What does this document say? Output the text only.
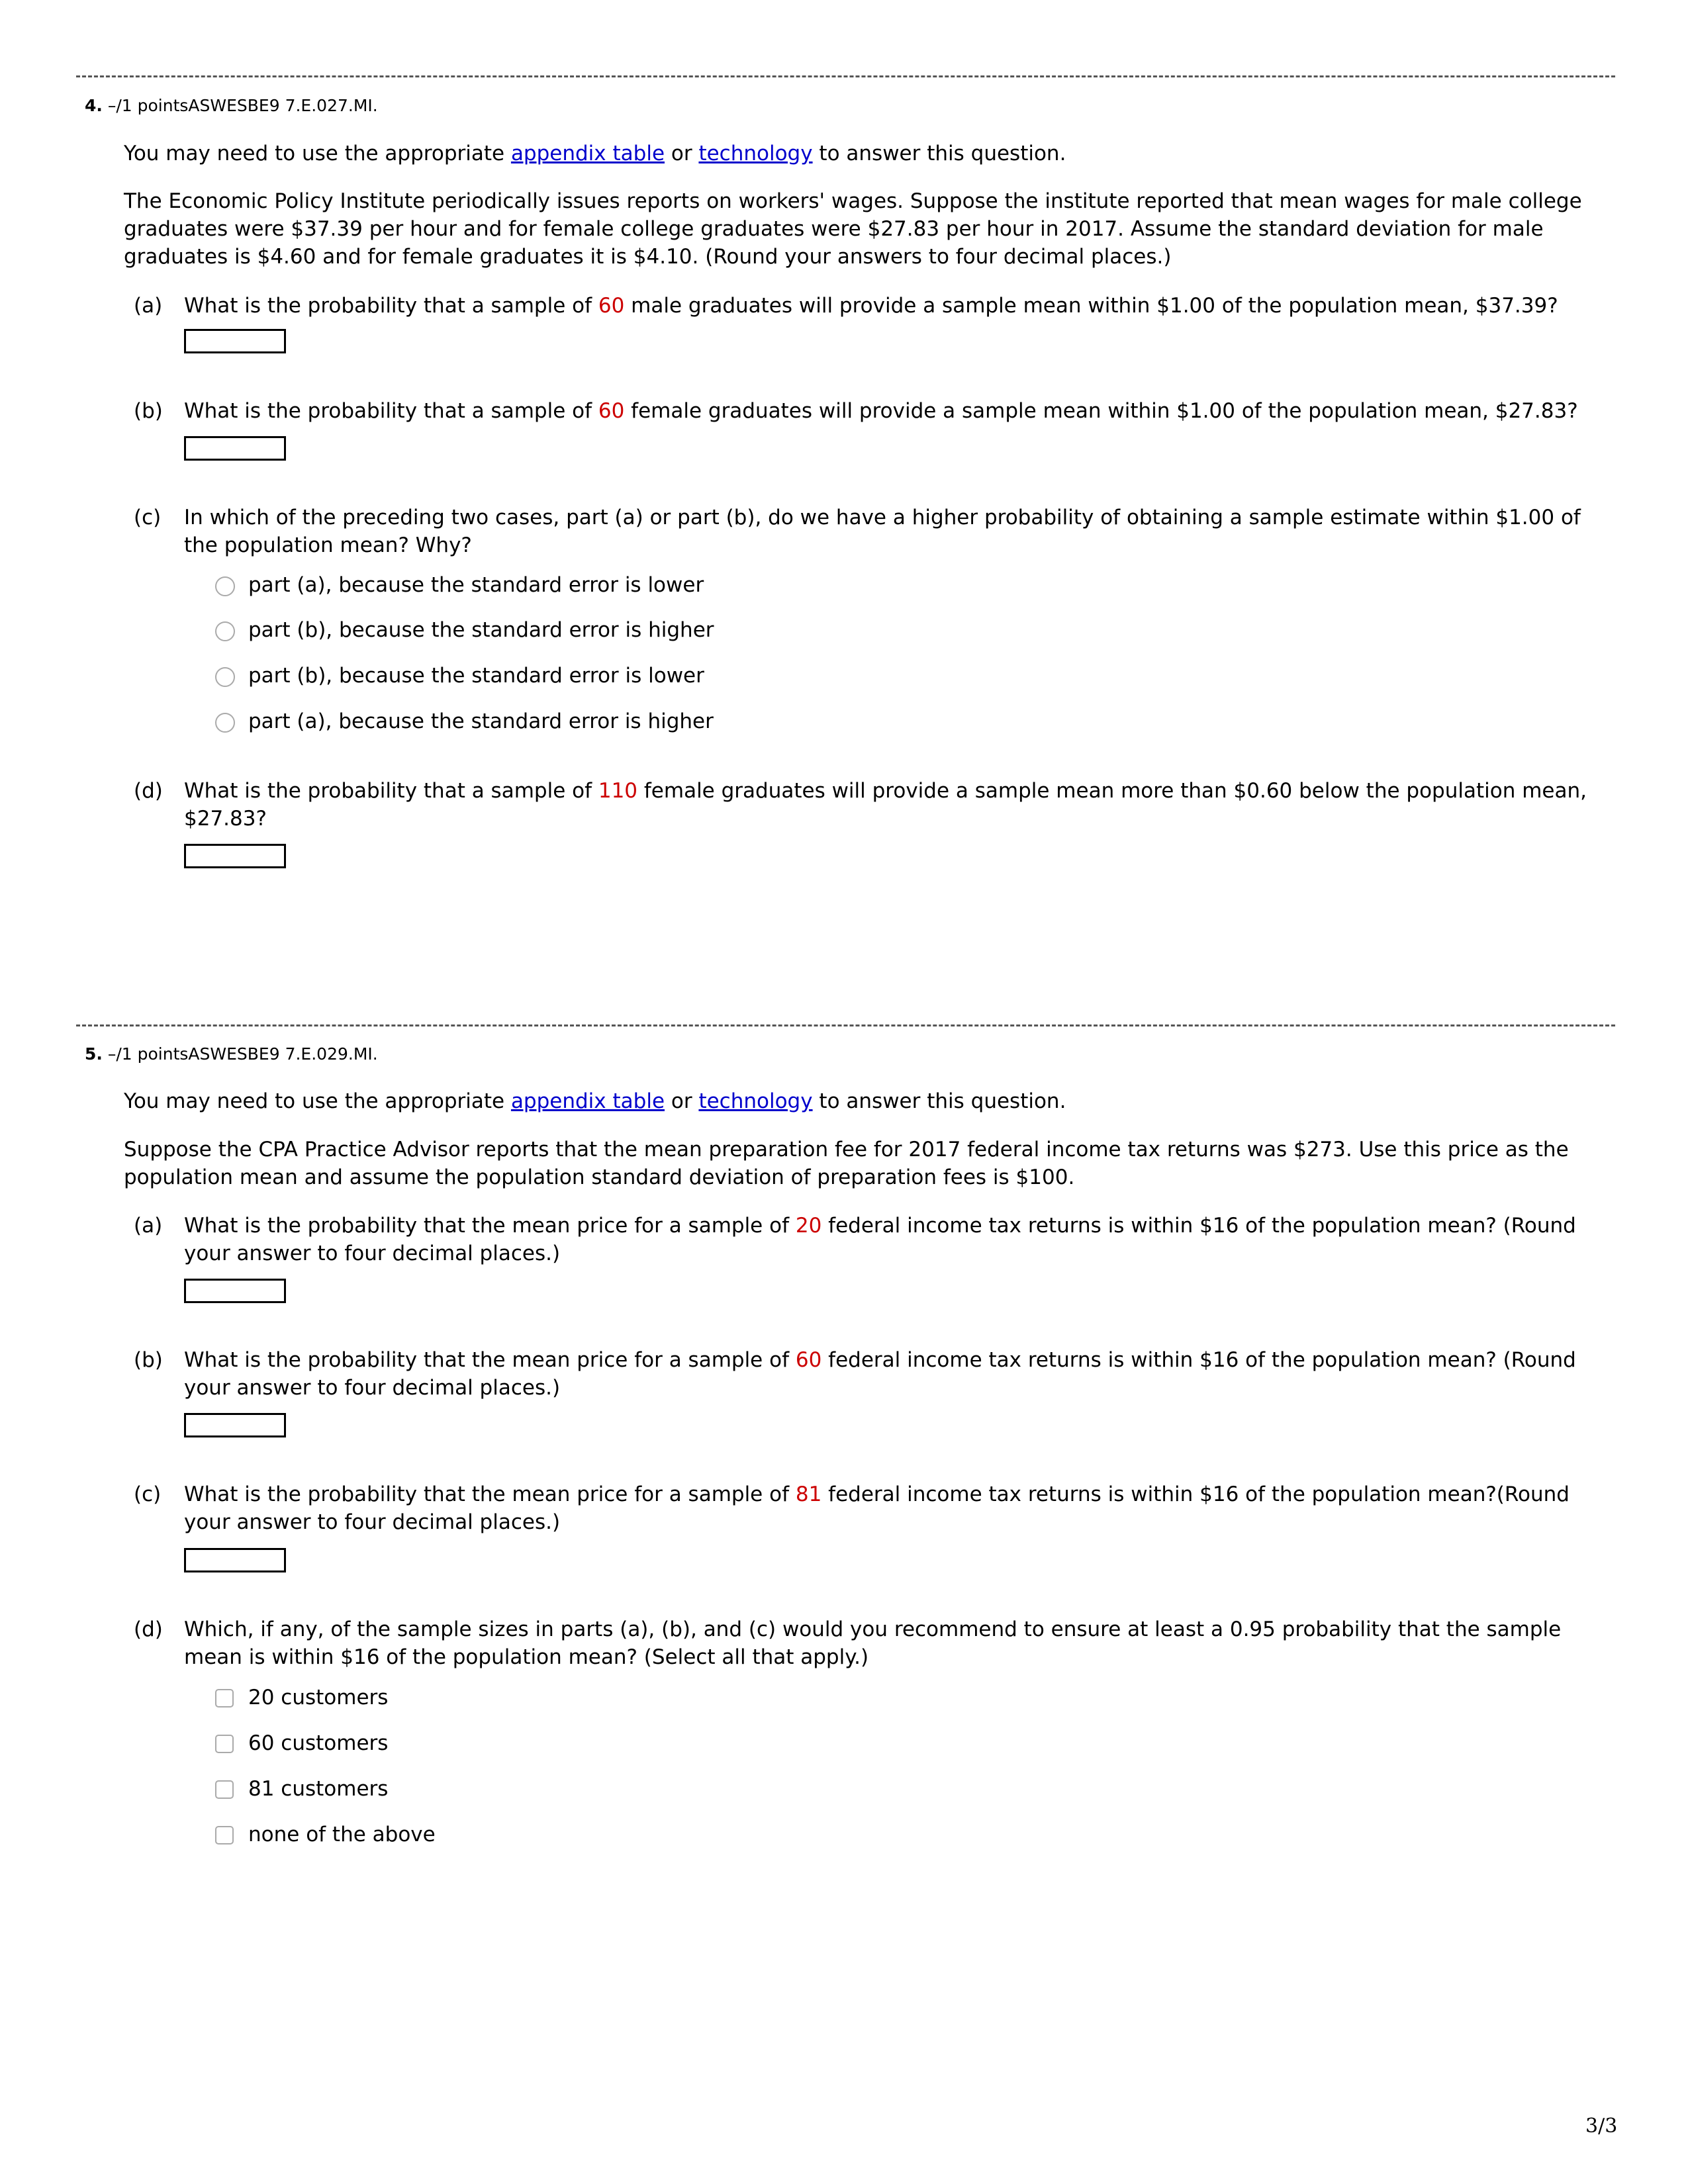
4. –/1 pointsASWESBE9 7.E.027.MI.

You may need to use the appropriate appendix table or technology to answer this question.

The Economic Policy Institute periodically issues reports on workers' wages. Suppose the institute reported that mean wages for male college graduates were $37.39 per hour and for female college graduates were $27.83 per hour in 2017. Assume the standard deviation for male graduates is $4.60 and for female graduates it is $4.10. (Round your answers to four decimal places.)

(a) What is the probability that a sample of 60 male graduates will provide a sample mean within $1.00 of the population mean, $37.39?
(b) What is the probability that a sample of 60 female graduates will provide a sample mean within $1.00 of the population mean, $27.83?
(c) In which of the preceding two cases, part (a) or part (b), do we have a higher probability of obtaining a sample estimate within $1.00 of the population mean? Why?
part (a), because the standard error is lower
part (b), because the standard error is higher
part (b), because the standard error is lower
part (a), because the standard error is higher
(d) What is the probability that a sample of 110 female graduates will provide a sample mean more than $0.60 below the population mean, $27.83?
5. –/1 pointsASWESBE9 7.E.029.MI.

You may need to use the appropriate appendix table or technology to answer this question.

Suppose the CPA Practice Advisor reports that the mean preparation fee for 2017 federal income tax returns was $273. Use this price as the population mean and assume the population standard deviation of preparation fees is $100.

(a) What is the probability that the mean price for a sample of 20 federal income tax returns is within $16 of the population mean? (Round your answer to four decimal places.)
(b) What is the probability that the mean price for a sample of 60 federal income tax returns is within $16 of the population mean? (Round your answer to four decimal places.)
(c) What is the probability that the mean price for a sample of 81 federal income tax returns is within $16 of the population mean?(Round your answer to four decimal places.)
(d) Which, if any, of the sample sizes in parts (a), (b), and (c) would you recommend to ensure at least a 0.95 probability that the sample mean is within $16 of the population mean? (Select all that apply.)
20 customers
60 customers
81 customers
none of the above
3/3
